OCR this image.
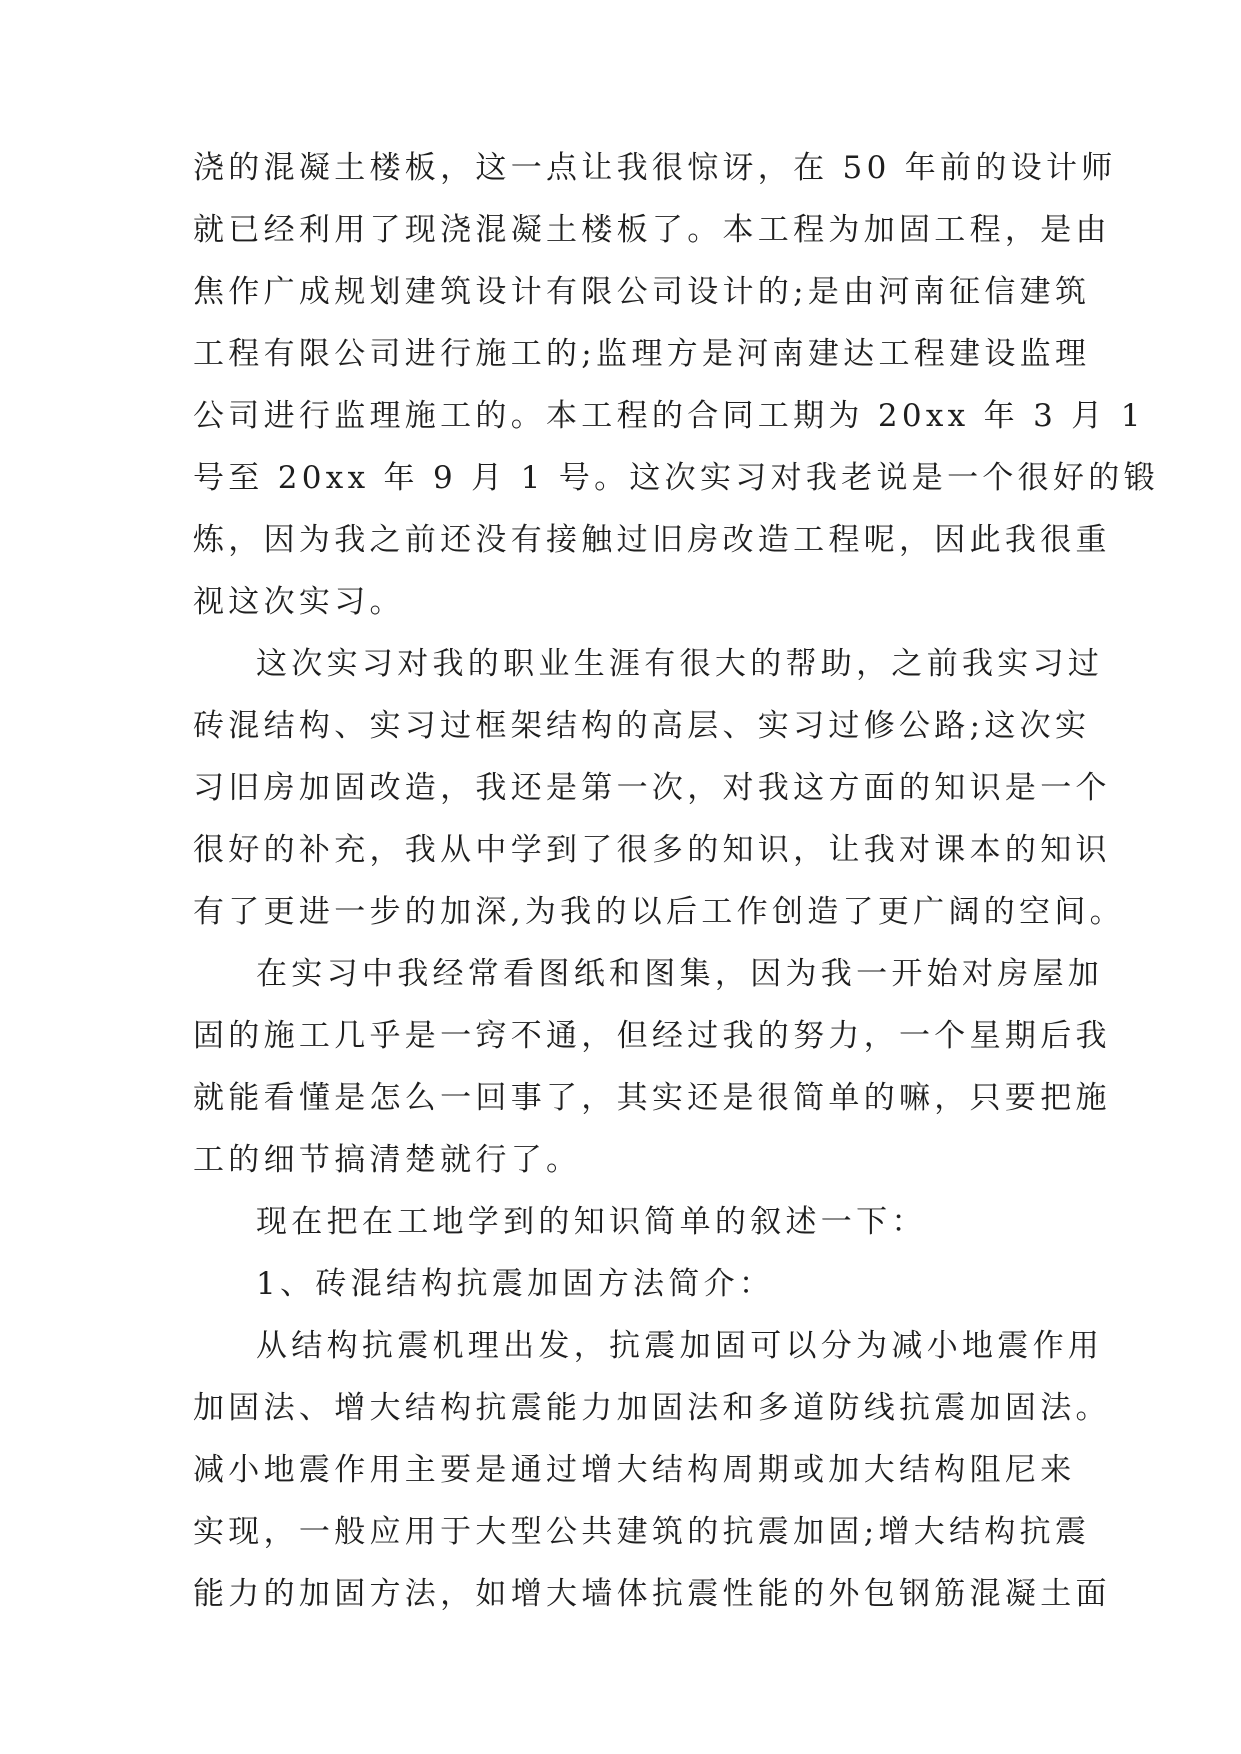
浇的混凝土楼板，这一点让我很惊讶，在 50 年前的设计师
就已经利用了现浇混凝土楼板了。本工程为加固工程，是由
焦作广成规划建筑设计有限公司设计的;是由河南征信建筑
工程有限公司进行施工的;监理方是河南建达工程建设监理
公司进行监理施工的。本工程的合同工期为 20xx 年 3 月 1
号至 20xx 年 9 月 1 号。这次实习对我老说是一个很好的锻
炼，因为我之前还没有接触过旧房改造工程呢，因此我很重
视这次实习。
这次实习对我的职业生涯有很大的帮助，之前我实习过
砖混结构、实习过框架结构的高层、实习过修公路;这次实
习旧房加固改造，我还是第一次，对我这方面的知识是一个
很好的补充，我从中学到了很多的知识，让我对课本的知识
有了更进一步的加深,为我的以后工作创造了更广阔的空间。
在实习中我经常看图纸和图集，因为我一开始对房屋加
固的施工几乎是一窍不通，但经过我的努力，一个星期后我
就能看懂是怎么一回事了，其实还是很简单的嘛，只要把施
工的细节搞清楚就行了。
现在把在工地学到的知识简单的叙述一下：
1、砖混结构抗震加固方法简介：
从结构抗震机理出发，抗震加固可以分为减小地震作用
加固法、增大结构抗震能力加固法和多道防线抗震加固法。
减小地震作用主要是通过增大结构周期或加大结构阻尼来
实现，一般应用于大型公共建筑的抗震加固;增大结构抗震
能力的加固方法，如增大墙体抗震性能的外包钢筋混凝土面
